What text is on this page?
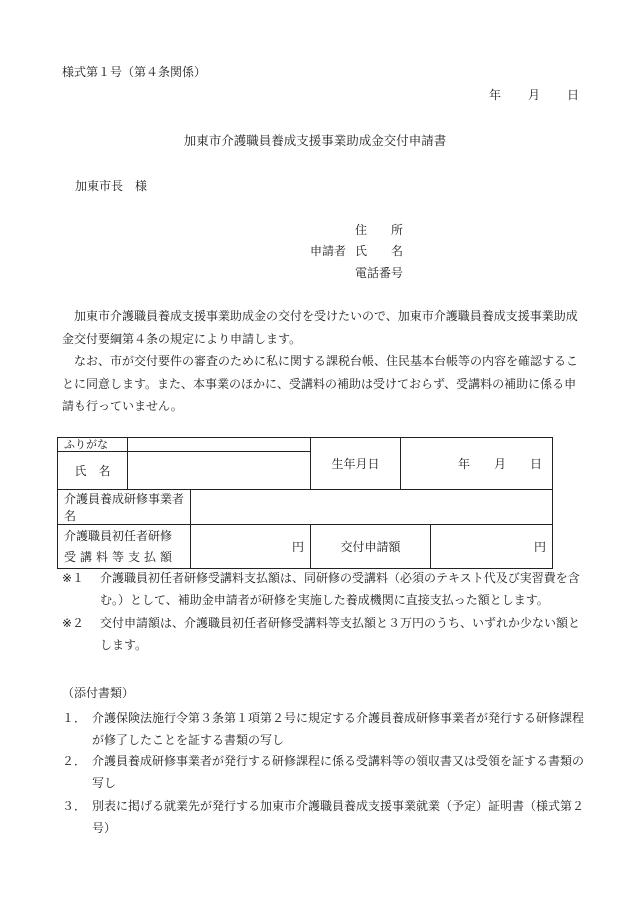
様式第１号（第４条関係）
年　　月　　日
加東市介護職員養成支援事業助成金交付申請書
加東市長　様
住　　所
申請者 氏　　名
電話番号
加東市介護職員養成支援事業助成金の交付を受けたいので、加東市介護職員養成支援事業助成金交付要綱第４条の規定により申請します。
なお、市が交付要件の審査のために私に関する課税台帳、住民基本台帳等の内容を確認することに同意します。また、本事業のほかに、受講料の補助は受けておらず、受講料の補助に係る申請も行っていません。
ふりがな			生年月日	年　　月　　日	
氏　名					
介護員養成研修事業者名					

介護職員初任者研修
受講料等支払額		円	交付申請額		円
※１	介護職員初任者研修受講料支払額は、同研修の受講料（必須のテキスト代及び実習費を含む。）として、補助金申請者が研修を実施した養成機関に直接支払った額とします。
※２	交付申請額は、介護職員初任者研修受講料等支払額と３万円のうち、いずれか少ない額とします。
（添付書類）
１． 介護保険法施行令第３条第１項第２号に規定する介護員養成研修事業者が発行する研修課程が修了したことを証する書類の写し
２． 介護員養成研修事業者が発行する研修課程に係る受講料等の領収書又は受領を証する書類の写し
３． 別表に掲げる就業先が発行する加東市介護職員養成支援事業就業（予定）証明書（様式第２号）
